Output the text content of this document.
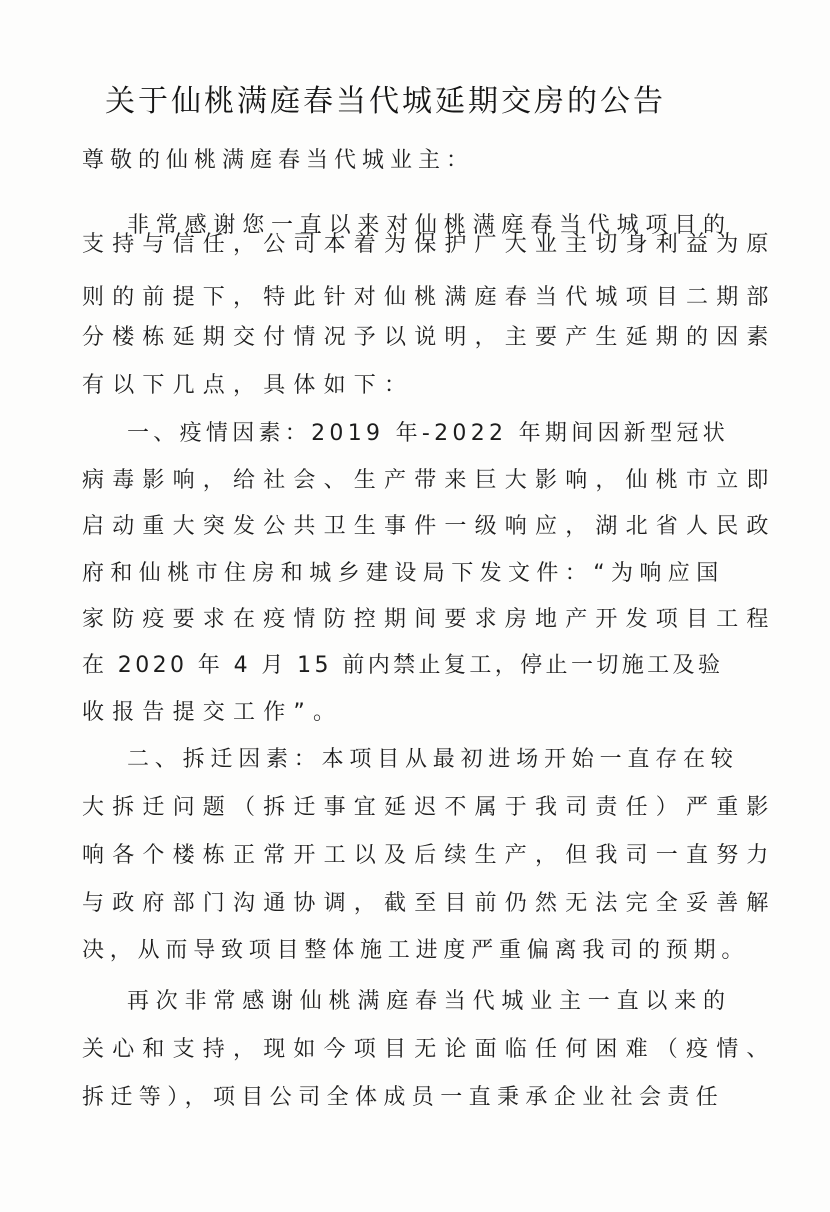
关于仙桃满庭春当代城延期交房的公告
尊敬的仙桃满庭春当代城业主：
非常感谢您一直以来对仙桃满庭春当代城项目的
支持与信任，公司本着为保护广大业主切身利益为原
则的前提下，特此针对仙桃满庭春当代城项目二期部
分楼栋延期交付情况予以说明，主要产生延期的因素
有以下几点，具体如下：
一、疫情因素：2019 年-2022 年期间因新型冠状
病毒影响，给社会、生产带来巨大影响，仙桃市立即
启动重大突发公共卫生事件一级响应，湖北省人民政
府和仙桃市住房和城乡建设局下发文件：“为响应国
家防疫要求在疫情防控期间要求房地产开发项目工程
在 2020 年 4 月 15 前内禁止复工，停止一切施工及验
收报告提交工作”。
二、拆迁因素：本项目从最初进场开始一直存在较
大拆迁问题（拆迁事宜延迟不属于我司责任）严重影
响各个楼栋正常开工以及后续生产，但我司一直努力
与政府部门沟通协调，截至目前仍然无法完全妥善解
决，从而导致项目整体施工进度严重偏离我司的预期。
再次非常感谢仙桃满庭春当代城业主一直以来的
关心和支持，现如今项目无论面临任何困难（疫情、
拆迁等），项目公司全体成员一直秉承企业社会责任
